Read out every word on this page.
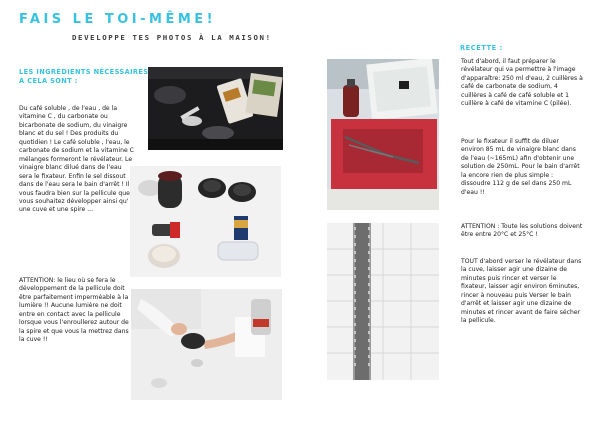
FAIS LE TOI-MÊME!
DEVELOPPE TES PHOTOS À LA MAISON!
LES INGRÉDIENTS NÉCESSAIRES À CELA SONT :

Du café soluble , de l'eau , de la vitamine C , du carbonate ou bicarbonate de sodium, du vinaigre blanc et du sel ! Des produits du quotidien ! Le café soluble , l'eau, le carbonate de sodium et la vitamine C mélanges formeront le révélateur. Le vinaigre blanc dilué dans de l'eau sera le fixateur. Enfin le sel dissout dans de l'eau sera le bain d'arrêt ! Il vous faudra bien sur la pellicule que vous souhaitez développer ainsi qu' une cuve et une spire ...

ATTENTION: le lieu où se fera le développement de la pellicule doit être parfaitement imperméable à la lumière !! Aucune lumière ne doit entre en contact avec la pellicule lorsque vous l'enroullerez autour de la spire et que vous la mettrez dans la cuve !!

RECETTE :

Tout d'abord, il faut préparer le révélateur qui va permettre à l'image d'apparaître: 250 ml d'eau, 2 cuillères à café de carbonate de sodium, 4 cuillères à café de café soluble et 1 cuillère à café de vitamine C (pilée).

Pour le fixateur il suffit de diluer environ 85 mL de vinaigre blanc dans de l'eau (~165mL) afin d'obtenir une solution de 250mL. Pour le bain d'arrêt la encore rien de plus simple : dissoudre 112 g de sel dans 250 mL d'eau !!

ATTENTION : Toute les solutions doivent être entre 20°C et 25°C !

TOUT d'abord verser le révélateur dans la cuve, laisser agir une dizaine de minutes puis rincer et verser le fixateur, laisser agir environ 6minutes, rincer à nouveau puis Verser le bain d'arrêt et laisser agir une dizaine de minutes et rincer avant de faire sécher la pellicule.
